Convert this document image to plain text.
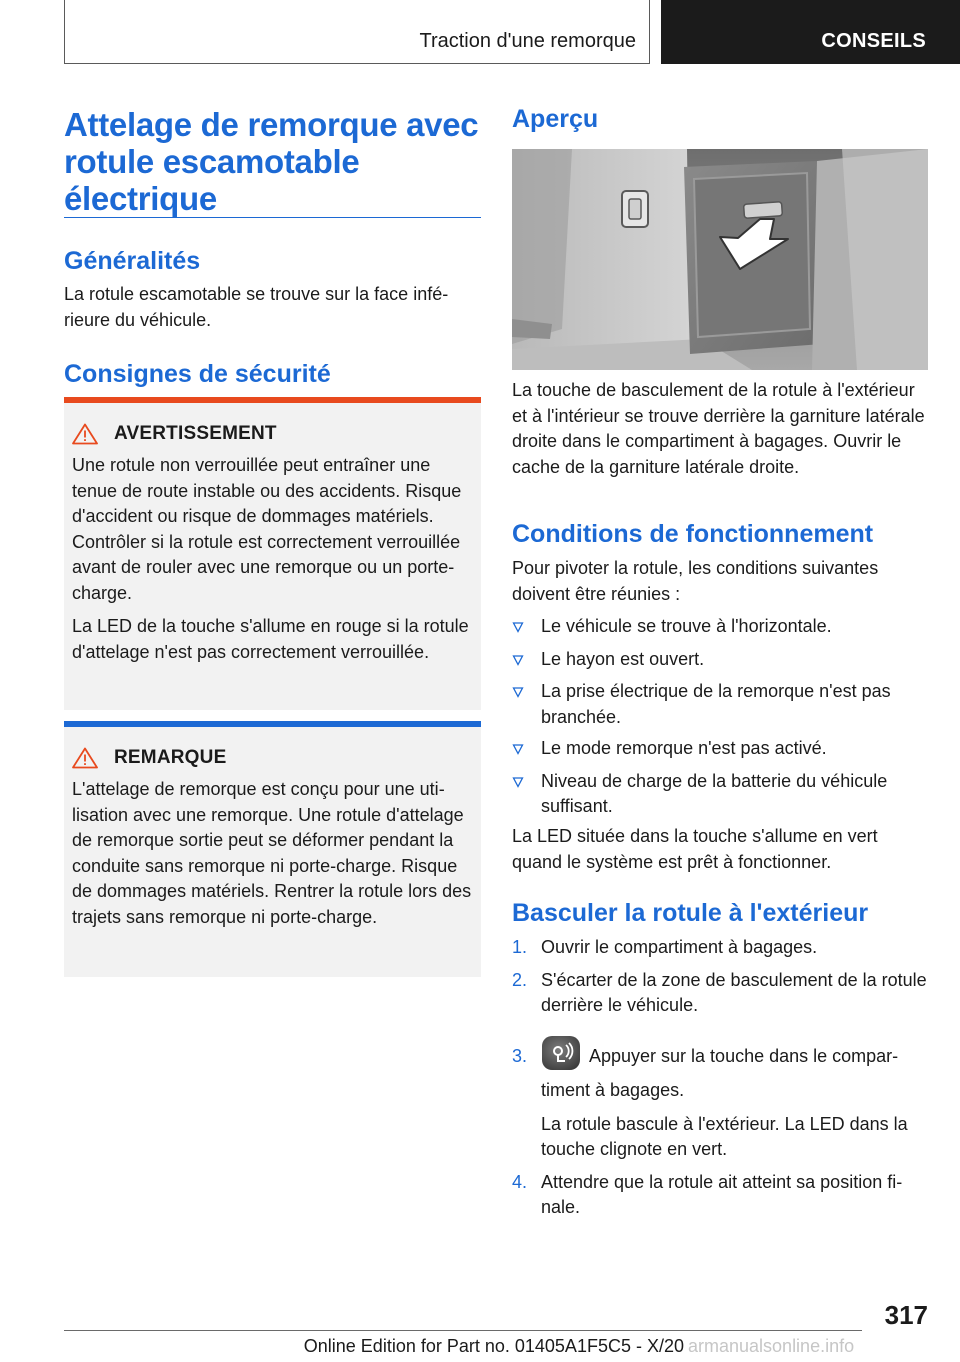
Traction d'une remorque	CONSEILS
Attelage de remorque avec rotule escamotable électrique
Généralités
La rotule escamotable se trouve sur la face inférieure du véhicule.
Consignes de sécurité
AVERTISSEMENT
Une rotule non verrouillée peut entraîner une tenue de route instable ou des accidents. Risque d'accident ou risque de dommages matériels. Contrôler si la rotule est correctement verrouillée avant de rouler avec une remorque ou un porte-charge.
La LED de la touche s'allume en rouge si la rotule d'attelage n'est pas correctement verrouillée.
REMARQUE
L'attelage de remorque est conçu pour une utilisation avec une remorque. Une rotule d'attelage de remorque sortie peut se déformer pendant la conduite sans remorque ni porte-charge. Risque de dommages matériels. Rentrer la rotule lors des trajets sans remorque ni porte-charge.
Aperçu
La touche de basculement de la rotule à l'extérieur et à l'intérieur se trouve derrière la garniture latérale droite dans le compartiment à bagages. Ouvrir le cache de la garniture latérale droite.
Conditions de fonctionnement
Pour pivoter la rotule, les conditions suivantes doivent être réunies :
Le véhicule se trouve à l'horizontale.
Le hayon est ouvert.
La prise électrique de la remorque n'est pas branchée.
Le mode remorque n'est pas activé.
Niveau de charge de la batterie du véhicule suffisant.
La LED située dans la touche s'allume en vert quand le système est prêt à fonctionner.
Basculer la rotule à l'extérieur
1. Ouvrir le compartiment à bagages.
2. S'écarter de la zone de basculement de la rotule derrière le véhicule.
3.	Appuyer sur la touche dans le compartiment à bagages.
La rotule bascule à l'extérieur. La LED dans la touche clignote en vert.
4. Attendre que la rotule ait atteint sa position finale.
317
Online Edition for Part no. 01405A1F5C5 - X/20 armanualsonline.info
